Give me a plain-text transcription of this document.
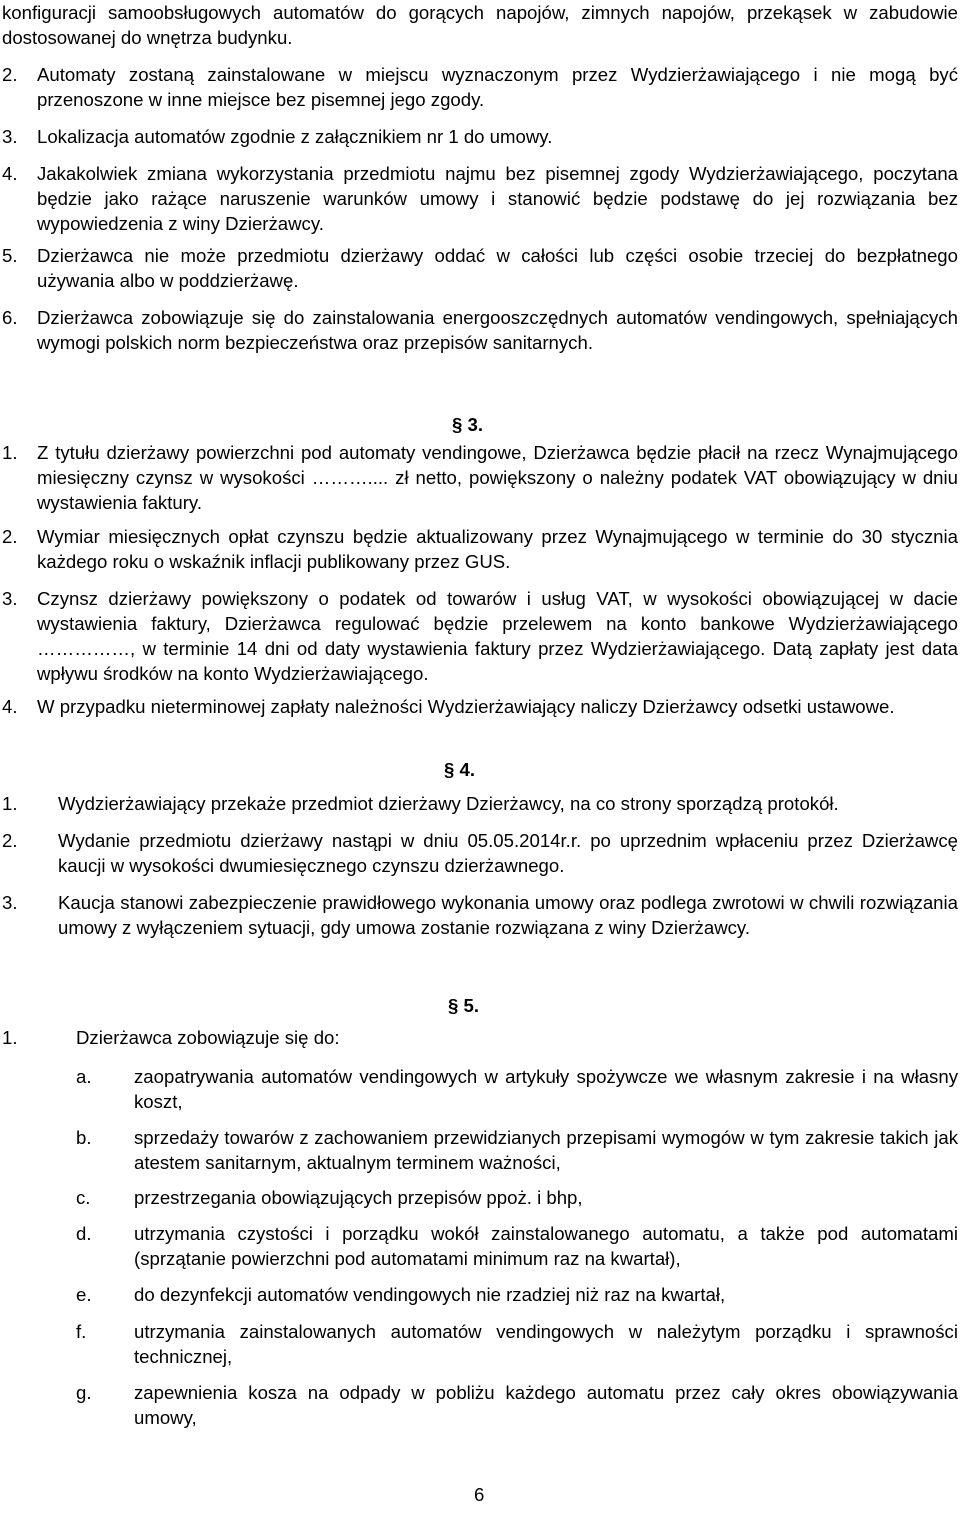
konfiguracji samoobsługowych automatów do gorących napojów, zimnych napojów, przekąsek w zabudowie dostosowanej do wnętrza budynku.
2. Automaty zostaną zainstalowane w miejscu wyznaczonym przez Wydzierżawiającego i nie mogą być przenoszone w inne miejsce bez pisemnej jego zgody.
3. Lokalizacja automatów zgodnie z załącznikiem nr 1 do umowy.
4. Jakakolwiek zmiana wykorzystania przedmiotu najmu bez pisemnej zgody Wydzierżawiającego, poczytana będzie jako rażące naruszenie warunków umowy i stanowić będzie podstawę do jej rozwiązania bez wypowiedzenia z winy Dzierżawcy.
5. Dzierżawca nie może przedmiotu dzierżawy oddać w całości lub części osobie trzeciej do bezpłatnego używania albo w poddzierżawę.
6. Dzierżawca zobowiązuje się do zainstalowania energooszczędnych automatów vendingowych, spełniających wymogi polskich norm bezpieczeństwa oraz przepisów sanitarnych.
§ 3.
1. Z tytułu dzierżawy powierzchni pod automaty vendingowe, Dzierżawca będzie płacił na rzecz Wynajmującego miesięczny czynsz w wysokości ……….... zł netto, powiększony o należny podatek VAT obowiązujący w dniu wystawienia faktury.
2. Wymiar miesięcznych opłat czynszu będzie aktualizowany przez Wynajmującego w terminie do 30 stycznia każdego roku o wskaźnik inflacji publikowany przez GUS.
3. Czynsz dzierżawy powiększony o podatek od towarów i usług VAT, w wysokości obowiązującej w dacie wystawienia faktury, Dzierżawca regulować będzie przelewem na konto bankowe Wydzierżawiającego ……………, w terminie 14 dni od daty wystawienia faktury przez Wydzierżawiającego. Datą zapłaty jest data wpływu środków na konto Wydzierżawiającego.
4. W przypadku nieterminowej zapłaty należności Wydzierżawiający naliczy Dzierżawcy odsetki ustawowe.
§ 4.
1. Wydzierżawiający przekaże przedmiot dzierżawy Dzierżawcy, na co strony sporządzą protokół.
2. Wydanie przedmiotu dzierżawy nastąpi w dniu 05.05.2014r.r. po uprzednim wpłaceniu przez Dzierżawcę kaucji w wysokości dwumiesięcznego czynszu dzierżawnego.
3. Kaucja stanowi zabezpieczenie prawidłowego wykonania umowy oraz podlega zwrotowi w chwili rozwiązania umowy z wyłączeniem sytuacji, gdy umowa zostanie rozwiązana z winy Dzierżawcy.
§ 5.
1.	Dzierżawca zobowiązuje się do:
a. zaopatrywania automatów vendingowych w artykuły spożywcze we własnym zakresie i na własny koszt,
b. sprzedaży towarów z zachowaniem przewidzianych przepisami wymogów w tym zakresie takich jak atestem sanitarnym, aktualnym terminem ważności,
c. przestrzegania obowiązujących przepisów ppoż. i bhp,
d. utrzymania czystości i porządku wokół zainstalowanego automatu, a także pod automatami (sprzątanie powierzchni pod automatami minimum raz na kwartał),
e. do dezynfekcji automatów vendingowych nie rzadziej niż raz na kwartał,
f.	utrzymania zainstalowanych automatów vendingowych w należytym porządku i sprawności technicznej,
g. zapewnienia kosza na odpady w pobliżu każdego automatu przez cały okres obowiązywania umowy,
6
